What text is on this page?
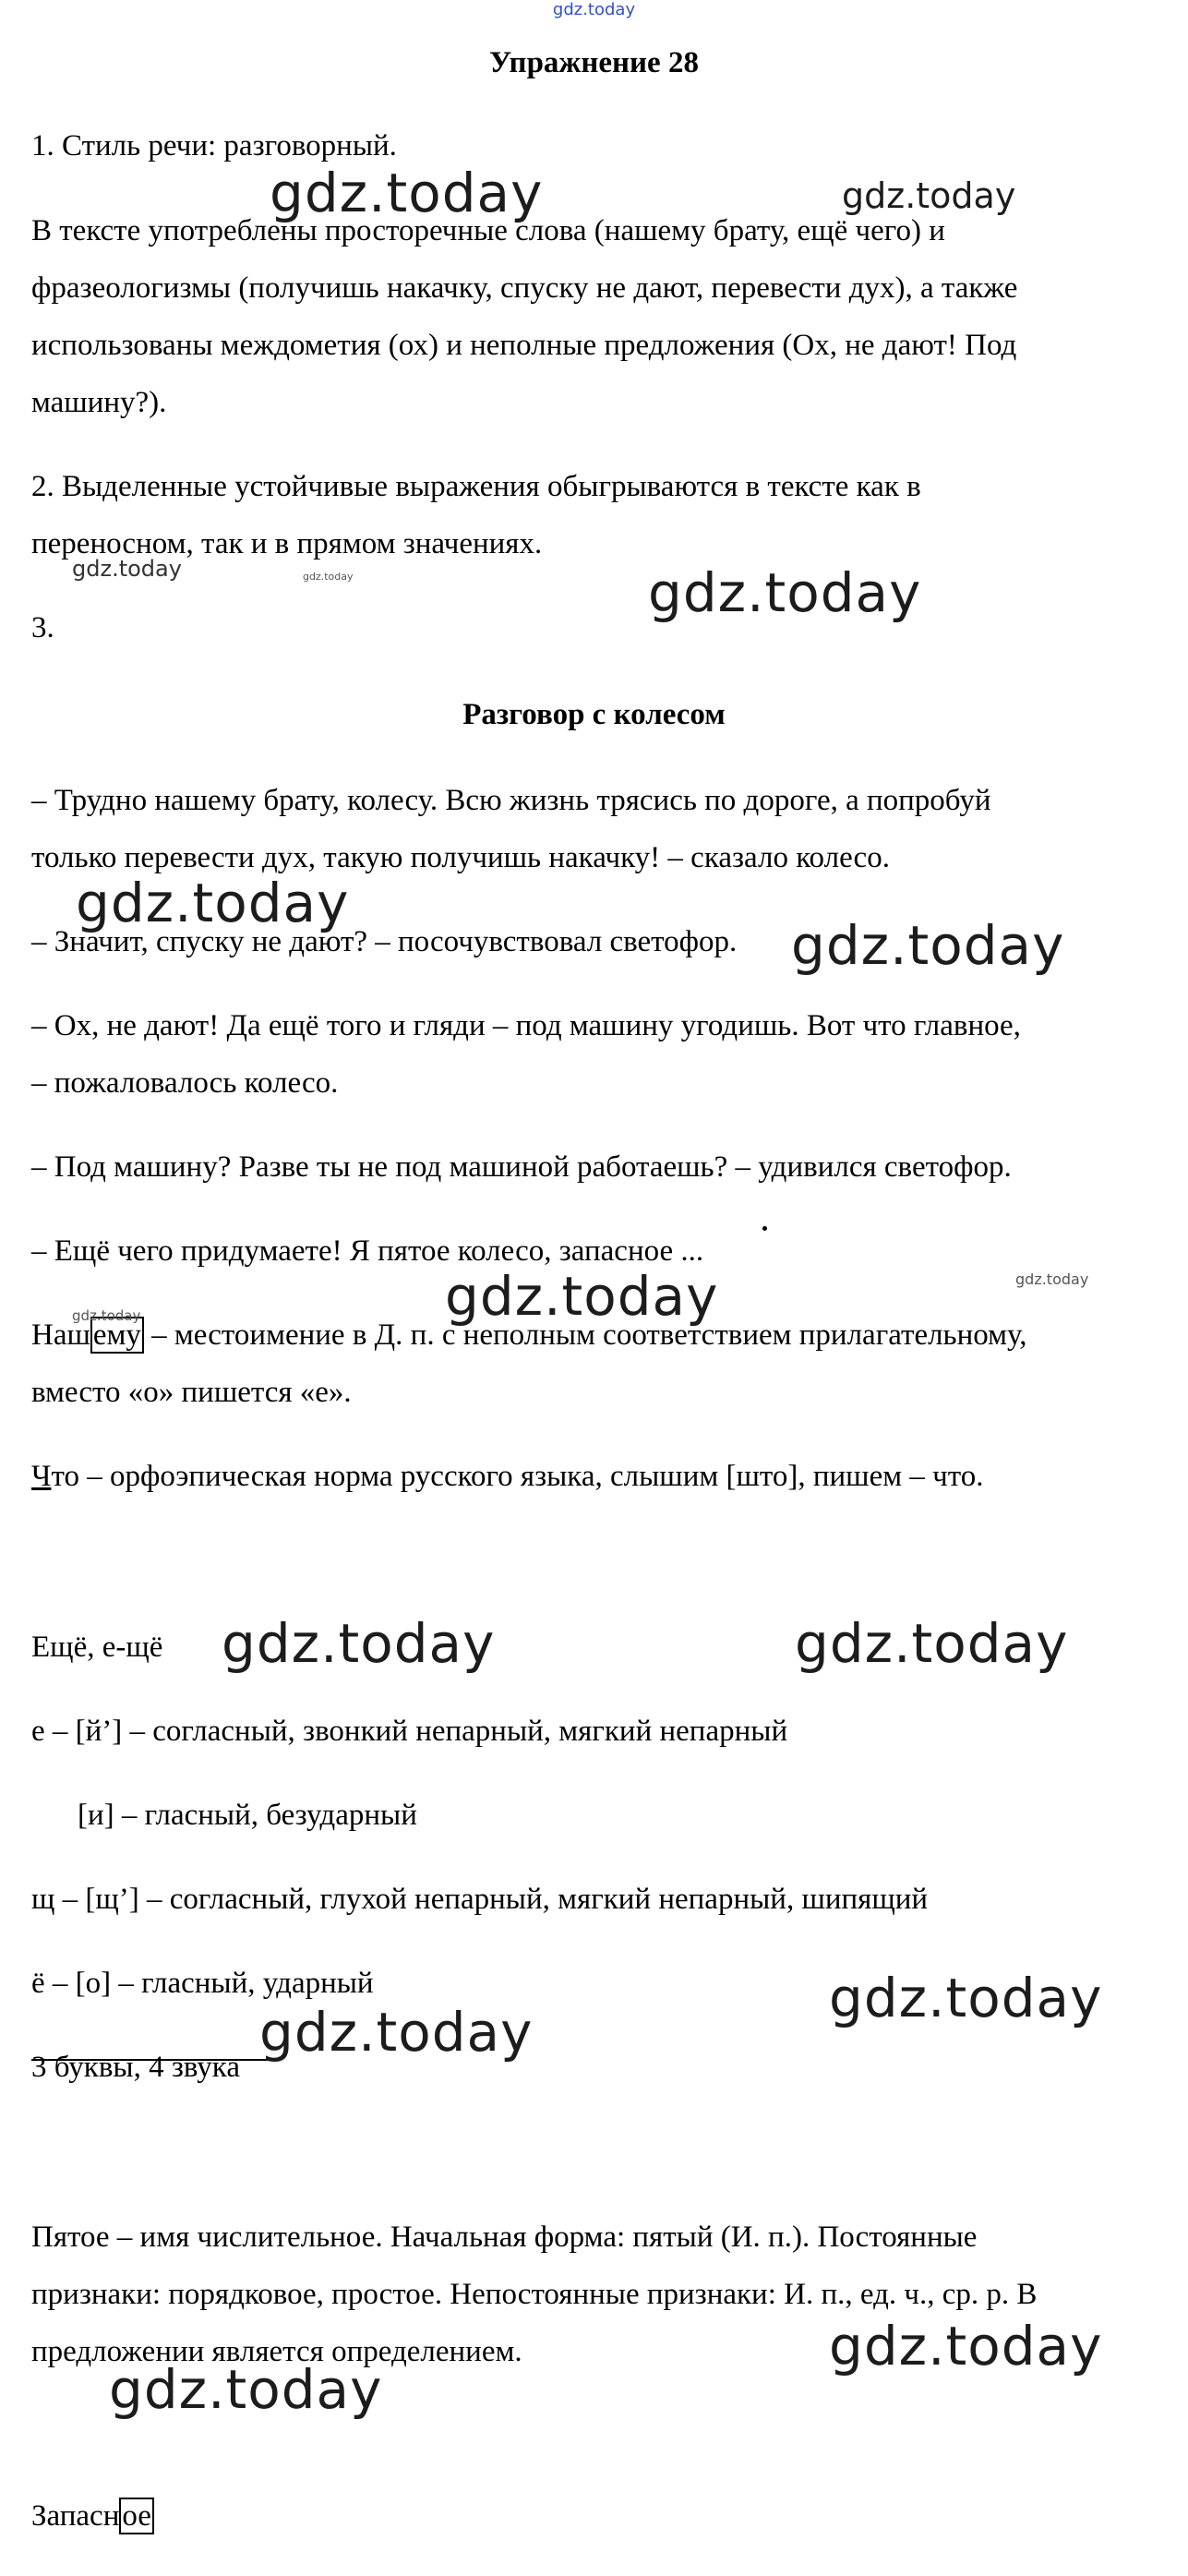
gdz.today
Упражнение 28
1. Стиль речи: разговорный.
В тексте употреблены просторечные слова (нашему брату, ещё чего) и
фразеологизмы (получишь накачку, спуску не дают, перевести дух), а также
использованы междометия (ох) и неполные предложения (Ох, не дают! Под
машину?).
2. Выделенные устойчивые выражения обыгрываются в тексте как в
переносном, так и в прямом значениях.
3.
Разговор с колесом
– Трудно нашему брату, колесу. Всю жизнь трясись по дороге, а попробуй
только перевести дух, такую получишь накачку! – сказало колесо.
– Значит, спуску не дают? – посочувствовал светофор.
– Ох, не дают! Да ещё того и гляди – под машину угодишь. Вот что главное,
– пожаловалось колесо.
– Под машину? Разве ты не под машиной работаешь? – удивился светофор.
– Ещё чего придумаете! Я пятое колесо, запасное ...
Нашему – местоимение в Д. п. с неполным соответствием прилагательному,
вместо «о» пишется «е».
Что – орфоэпическая норма русского языка, слышим [што], пишем – что.
Ещё, е-щё
е – [й’] – согласный, звонкий непарный, мягкий непарный
[и] – гласный, безударный
щ – [щ’] – согласный, глухой непарный, мягкий непарный, шипящий
ё – [о] – гласный, ударный
3 буквы, 4 звука
Пятое – имя числительное. Начальная форма: пятый (И. п.). Постоянные
признаки: порядковое, простое. Непостоянные признаки: И. п., ед. ч., ср. р. В
предложении является определением.
Запасное
gdz.today	gdz.today
gdz.today	gdz.today	gdz.today
gdz.today
gdz.today
gdz.today	gdz.today
gdz.today
gdz.today	gdz.today
gdz.today
gdz.today
gdz.today
gdz.today
